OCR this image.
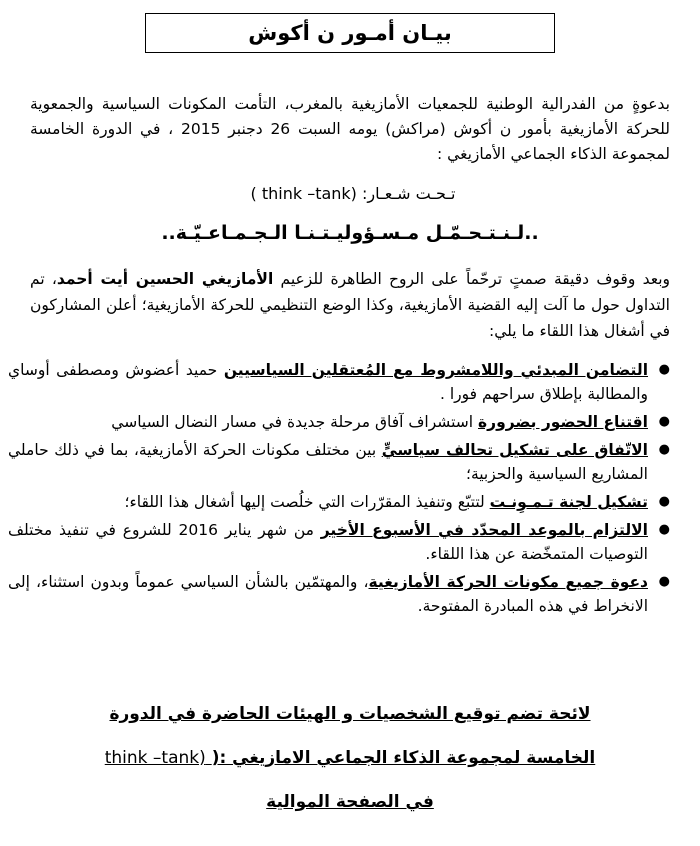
بيـان أمـور ن أكوش

بدعوةٍ من الفدرالية الوطنية للجمعيات الأمازيغية بالمغرب، التأمت المكونات السياسية والجمعوية للحركة الأمازيغية بأمور ن أكوش (مراكش) يومه السبت 26 دجنبر 2015 ، في الدورة الخامسة لمجموعة الذكاء الجماعي الأمازيغي :

تـحـت شـعـار: ( think –tank)
..لـنـتـحـمّـل مـسـؤوليـتـنـا الـجـمـاعـيّـة..

وبعد وقوف دقيقة صمتٍ ترحّماً على الروح الطاهرة للزعيم الأمازيغي الحسين أيت أحمد، تم التداول حول ما آلت إليه القضية الأمازيغية، وكذا الوضع التنظيمي للحركة الأمازيغية؛ أعلن المشاركون في أشغال هذا اللقاء ما يلي:

● التضامن المبدئي واللامشروط مع المُعتقلين السياسيين حميد أعضوش ومصطفى أوساي والمطالبة بإطلاق سراحهم فورا .
● اقتناع الحضور بضرورة استشراف آفاق مرحلة جديدة في مسار النضال السياسي
● الاتّفاق على تشكيل تحالف سياسيٍّ بين مختلف مكونات الحركة الأمازيغية، بما في ذلك حاملي المشاريع السياسية والحزبية؛
● تشكيل لجنة تـمـوِنـت لتتبّع وتنفيذ المقرّرات التي خلُصت إليها أشغال هذا اللقاء؛
● الالتزام بالموعد المحدّد في الأسبوع الأخير من شهر يناير 2016 للشروع في تنفيذ مختلف التوصيات المتمخّضة عن هذا اللقاء.
● دعوة جميع مكونات الحركة الأمازيغية، والمهتمّين بالشأن السياسي عموماً وبدون استثناء، إلى الانخراط في هذه المبادرة المفتوحة.
لائحة تضم توقيع الشخصيات و الهيئات الحاضرة في الدورة
الخامسة لمجموعة الذكاء الجماعي الامازيغي :( think –tank)
في الصفحة الموالية
